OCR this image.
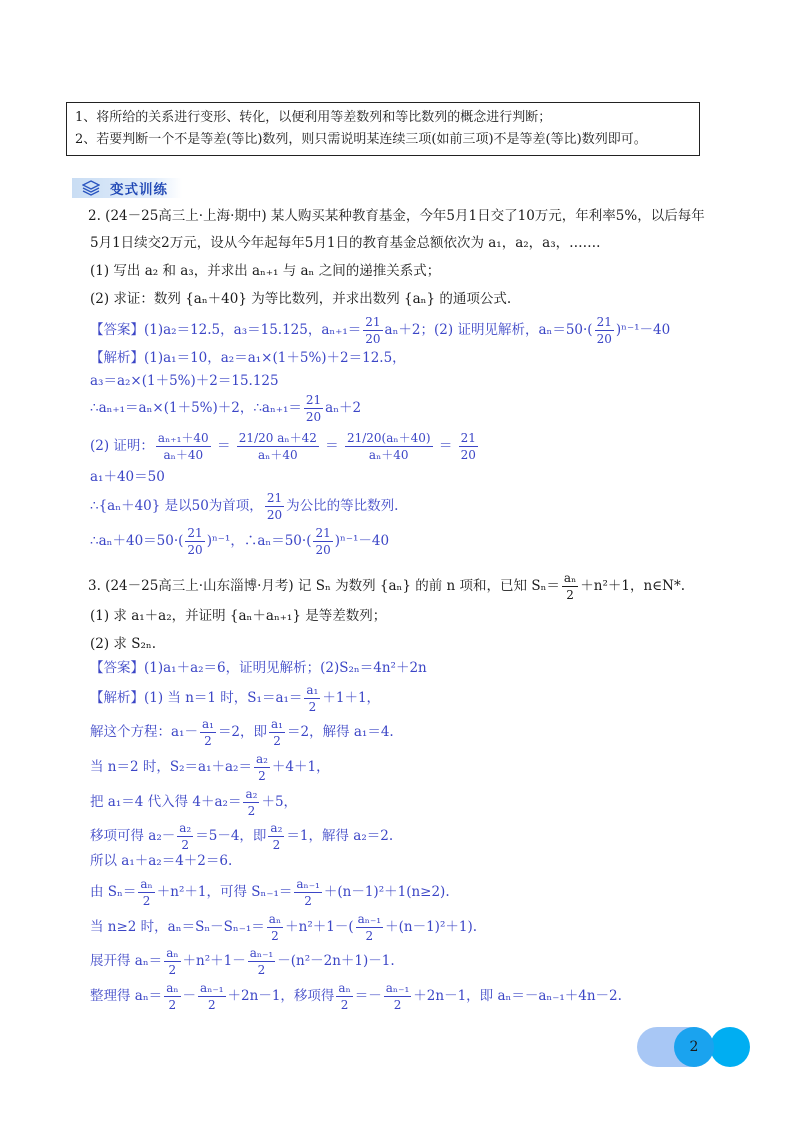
1、将所给的关系进行变形、转化，以便利用等差数列和等比数列的概念进行判断；
2、若要判断一个不是等差(等比)数列，则只需说明某连续三项(如前三项)不是等差(等比)数列即可。
变式训练
2. (24－25高三上·上海·期中) 某人购买某种教育基金，今年5月1日交了10万元，年利率5%，以后每年
5月1日续交2万元，设从今年起每年5月1日的教育基金总额依次为 a₁，a₂，a₃，…….
(1) 写出 a₂ 和 a₃，并求出 aₙ₊₁ 与 aₙ 之间的递推关系式；
(2) 求证：数列 {aₙ＋40} 为等比数列，并求出数列 {aₙ} 的通项公式.
【答案】(1)a₂＝12.5，a₃＝15.125，$a_{n+1}= \frac{21}{20} a_n+2$；(2) 证明见解析，$a_n=50\cdot( \frac{21}{20} )^{n-1}-40$
【解析】(1)a₁＝10，a₂＝a₁×(1＋5%)＋2＝12.5，
a₃＝a₂×(1＋5%)＋2＝15.125
∴aₙ₊₁＝aₙ×(1＋5%)＋2，∴aₙ₊₁＝ $\frac{21}{20} a_n+2$
(2) 证明： $\frac{\text{aₙ₊₁＋40}}{\text{aₙ＋40}} = \frac{\text{21/20 aₙ＋42}}{\text{aₙ＋40}} = \frac{\text{21/20(aₙ＋40)}}{\text{aₙ＋40}} = \frac{21}{20}$
a₁＋40＝50
∴{aₙ＋40} 是以50为首项， $\frac{21}{20}$ 为公比的等比数列.
∴aₙ＋40＝50·( $\frac{21}{20} )^{n-1}$，∴aₙ＝50·( $\frac{21}{20} )^{n-1}-40$
3. (24－25高三上·山东淄博·月考) 记 Sₙ 为数列 {aₙ} 的前 n 项和，已知 $S_n= \frac{\text{aₙ}}{2} +n^2+1$，n∈N*.
(1) 求 a₁＋a₂，并证明 {aₙ＋aₙ₊₁} 是等差数列；
(2) 求 S₂ₙ.
【答案】(1)a₁＋a₂＝6，证明见解析；(2)S₂ₙ＝4n²＋2n
【解析】(1) 当 n＝1 时，$S_1=a_1= \frac{\text{a₁}}{2} +1+1$，
解这个方程：$a_1- \frac{\text{a₁}}{2} =2$，即 $\frac{\text{a₁}}{2} =2$，解得 a₁＝4.
当 n＝2 时，$S_2=a_1+a_2= \frac{\text{a₂}}{2} +4+1$，
把 a₁＝4 代入得 $4+a_2= \frac{\text{a₂}}{2} +5$，
移项可得 $a_2- \frac{\text{a₂}}{2} =5-4$，即 $\frac{\text{a₂}}{2} =1$，解得 a₂＝2.
所以 a₁＋a₂＝4＋2＝6.
由 $S_n= \frac{\text{aₙ}}{2} +n^2+1$，可得 $S_{n-1}= \frac{\text{aₙ₋₁}}{2} +(n-1)^2+1(n\ge 2)$.
当 n≥2 时，$a_n=S_n-S_{n-1}= \frac{\text{aₙ}}{2} +n^2+1-( \frac{\text{aₙ₋₁}}{2} +(n-1)^2+1)$.
展开得 $a_n= \frac{\text{aₙ}}{2} +n^2+1- \frac{\text{aₙ₋₁}}{2} -(n^2-2n+1)-1$.
整理得 $a_n= \frac{\text{aₙ}}{2} - \frac{\text{aₙ₋₁}}{2} +2n-1$，移项得 $\frac{\text{aₙ}}{2} =- \frac{\text{aₙ₋₁}}{2} +2n-1$，即 aₙ＝－aₙ₋₁＋4n－2.
2
